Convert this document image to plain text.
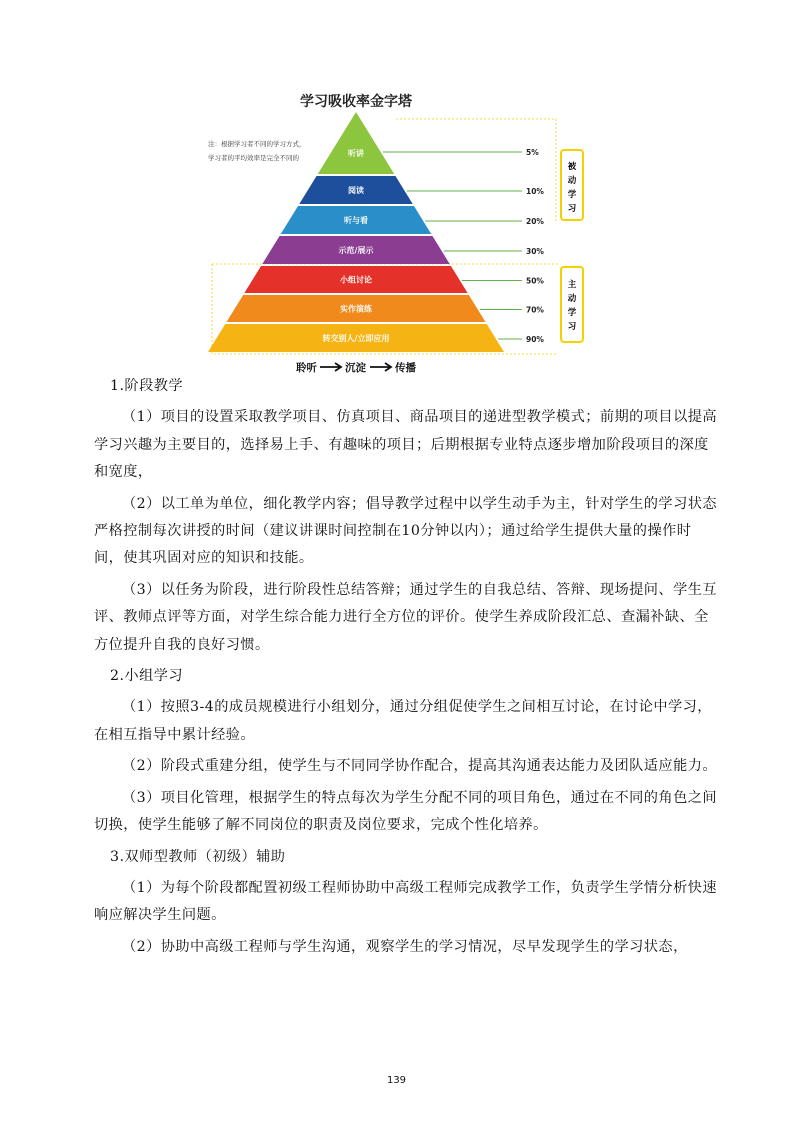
学习吸收率金字塔
注：根据学习者不同的学习方式，
学习者的平均效率是完全不同的	听讲	5%
阅读	10%
听与看	20%
示范/展示	30%
小组讨论	50%
实作演练	70%
转交别人/立即应用	90%
被
动
学
习
主
动
学
习
聆听	沉淀	传播

1.阶段教学

（1）项目的设置采取教学项目、仿真项目、商品项目的递进型教学模式；前期的项目以提高学习兴趣为主要目的，选择易上手、有趣味的项目；后期根据专业特点逐步增加阶段项目的深度和宽度，

（2）以工单为单位，细化教学内容；倡导教学过程中以学生动手为主，针对学生的学习状态严格控制每次讲授的时间（建议讲课时间控制在10分钟以内）；通过给学生提供大量的操作时间，使其巩固对应的知识和技能。

（3）以任务为阶段，进行阶段性总结答辩；通过学生的自我总结、答辩、现场提问、学生互评、教师点评等方面，对学生综合能力进行全方位的评价。使学生养成阶段汇总、查漏补缺、全方位提升自我的良好习惯。

2.小组学习

（1）按照3-4的成员规模进行小组划分，通过分组促使学生之间相互讨论，在讨论中学习，在相互指导中累计经验。

（2）阶段式重建分组，使学生与不同同学协作配合，提高其沟通表达能力及团队适应能力。

（3）项目化管理，根据学生的特点每次为学生分配不同的项目角色，通过在不同的角色之间切换，使学生能够了解不同岗位的职责及岗位要求，完成个性化培养。

3.双师型教师（初级）辅助

（1）为每个阶段都配置初级工程师协助中高级工程师完成教学工作，负责学生学情分析快速响应解决学生问题。

（2）协助中高级工程师与学生沟通，观察学生的学习情况，尽早发现学生的学习状态，

139
